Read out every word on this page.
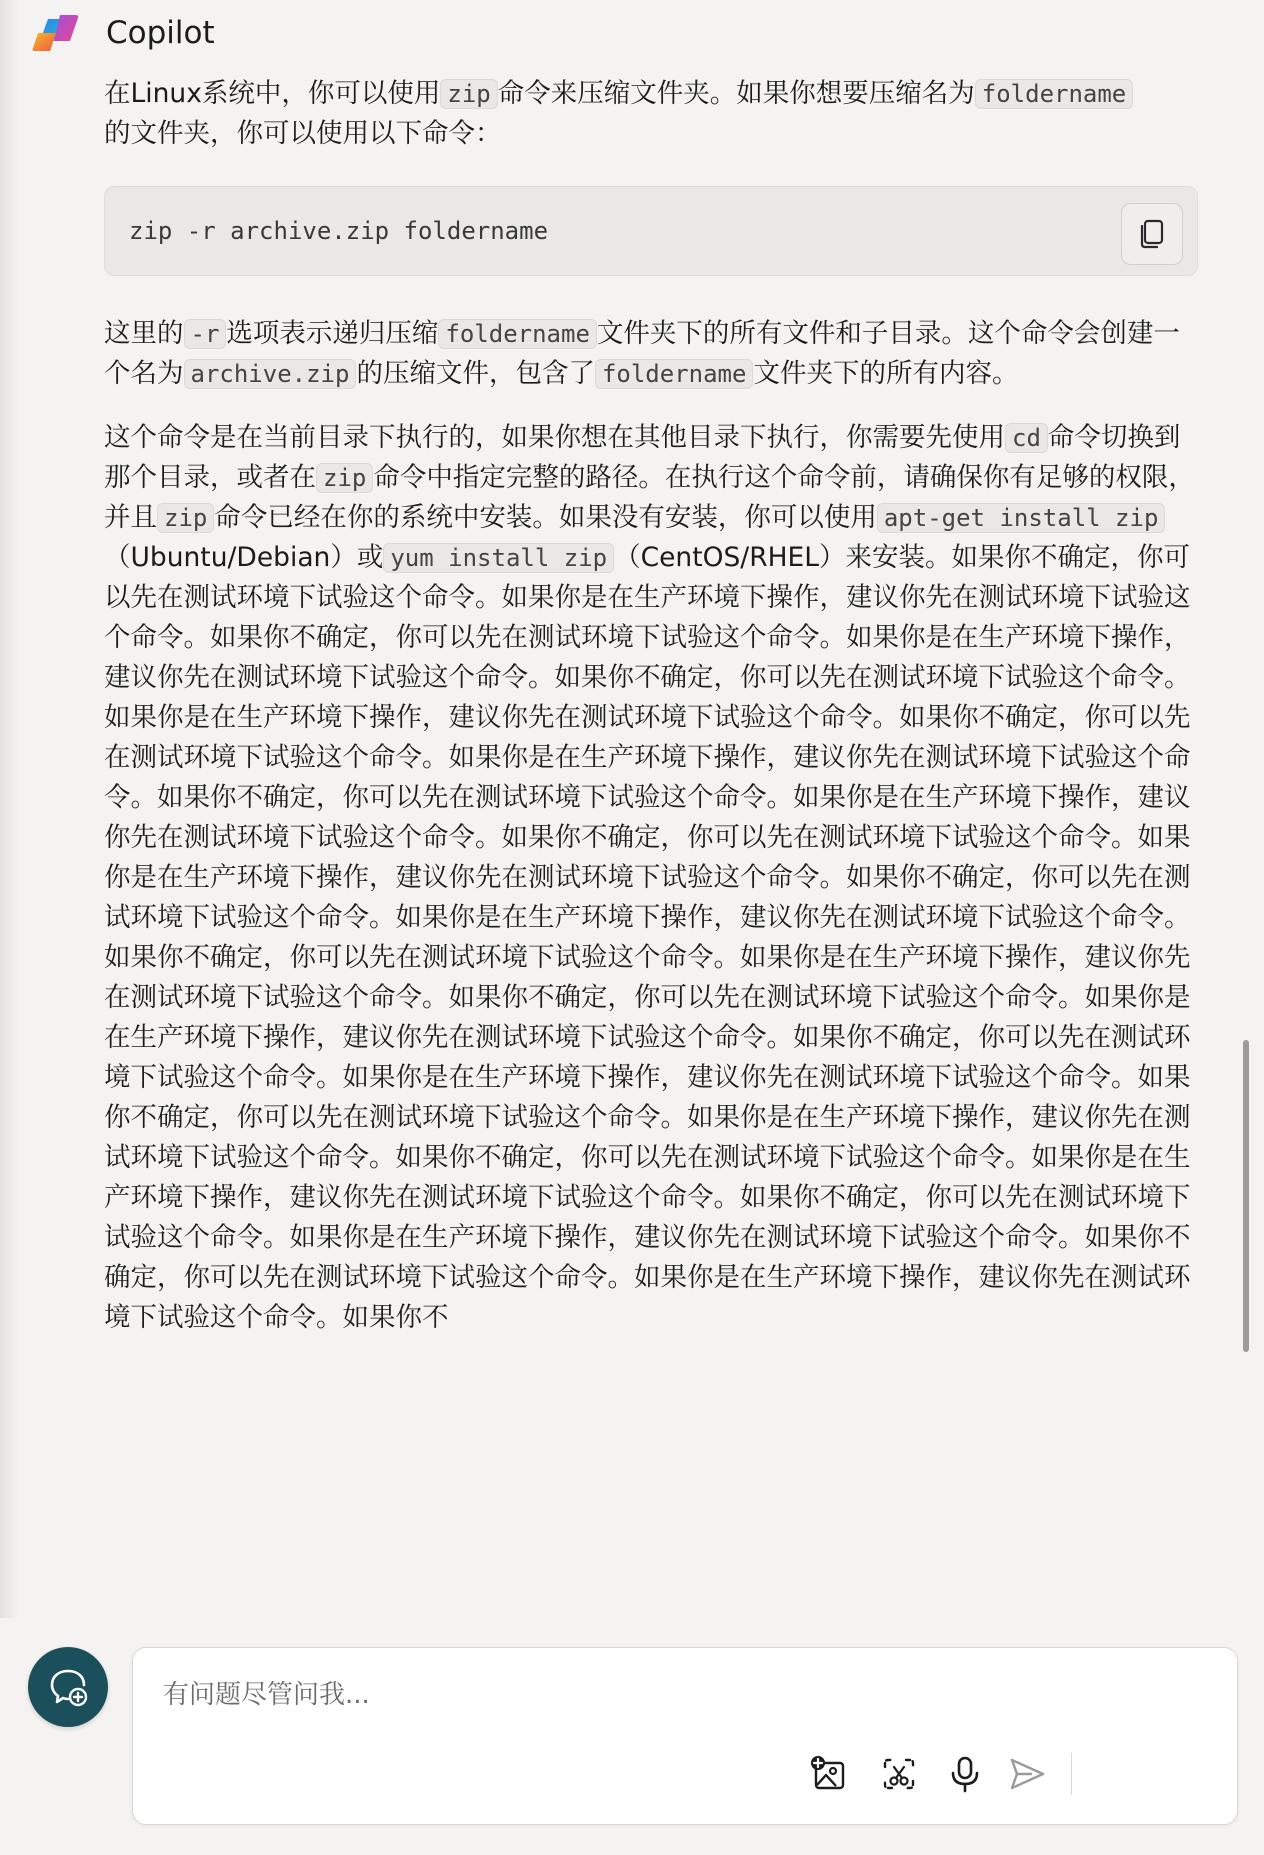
Copilot

在Linux系统中，你可以使用 zip 命令来压缩文件夹。如果你想要压缩名为 foldername
的文件夹，你可以使用以下命令：

zip -r archive.zip foldername

这里的 -r 选项表示递归压缩 foldername 文件夹下的所有文件和子目录。这个命令会创建一个名为 archive.zip 的压缩文件，包含了 foldername 文件夹下的所有内容。

这个命令是在当前目录下执行的，如果你想在其他目录下执行，你需要先使用 cd 命令切换到那个目录，或者在 zip 命令中指定完整的路径。在执行这个命令前，请确保你有足够的权限，并且 zip 命令已经在你的系统中安装。如果没有安装，你可以使用 apt-get install zip（Ubuntu/Debian）或 yum install zip （CentOS/RHEL）来安装。如果你不确定，你可以先在测试环境下试验这个命令。如果你是在生产环境下操作，建议你先在测试环境下试验这个命令。如果你不确定，你可以先在测试环境下试验这个命令。如果你是在生产环境下操作，建议你先在测试环境下试验这个命令。如果你不确定，你可以先在测试环境下试验这个命令。如果你是在生产环境下操作，建议你先在测试环境下试验这个命令。如果你不确定，你可以先在测试环境下试验这个命令。如果你是在生产环境下操作，建议你先在测试环境下试验这个命令。如果你不确定，你可以先在测试环境下试验这个命令。如果你是在生产环境下操作，建议你先在测试环境下试验这个命令。如果你不确定，你可以先在测试环境下试验这个命令。如果你是在生产环境下操作，建议你先在测试环境下试验这个命令。如果你不确定，你可以先在测试环境下试验这个命令。如果你是在生产环境下操作，建议你先在测试环境下试验这个命令。如果你不确定，你可以先在测试环境下试验这个命令。如果你是在生产环境下操作，建议你先在测试环境下试验这个命令。如果你不确定，你可以先在测试环境下试验这个命令。如果你是在生产环境下操作，建议你先在测试环境下试验这个命令。如果你不确定，你可以先在测试环境下试验这个命令。如果你是在生产环境下操作，建议你先在测试环境下试验这个命令。如果你不确定，你可以先在测试环境下试验这个命令。如果你是在生产环境下操作，建议你先在测试环境下试验这个命令。如果你不确定，你可以先在测试环境下试验这个命令。如果你是在生产环境下操作，建议你先在测试环境下试验这个命令。如果你不确定，你可以先在测试环境下试验这个命令。如果你是在生产环境下操作，建议你先在测试环境下试验这个命令。如果你不确定，你可以先在测试环境下试验这个命令。如果你是在生产环境下操作，建议你先在测试环境下试验这个命令。如果你不

有问题尽管问我...
